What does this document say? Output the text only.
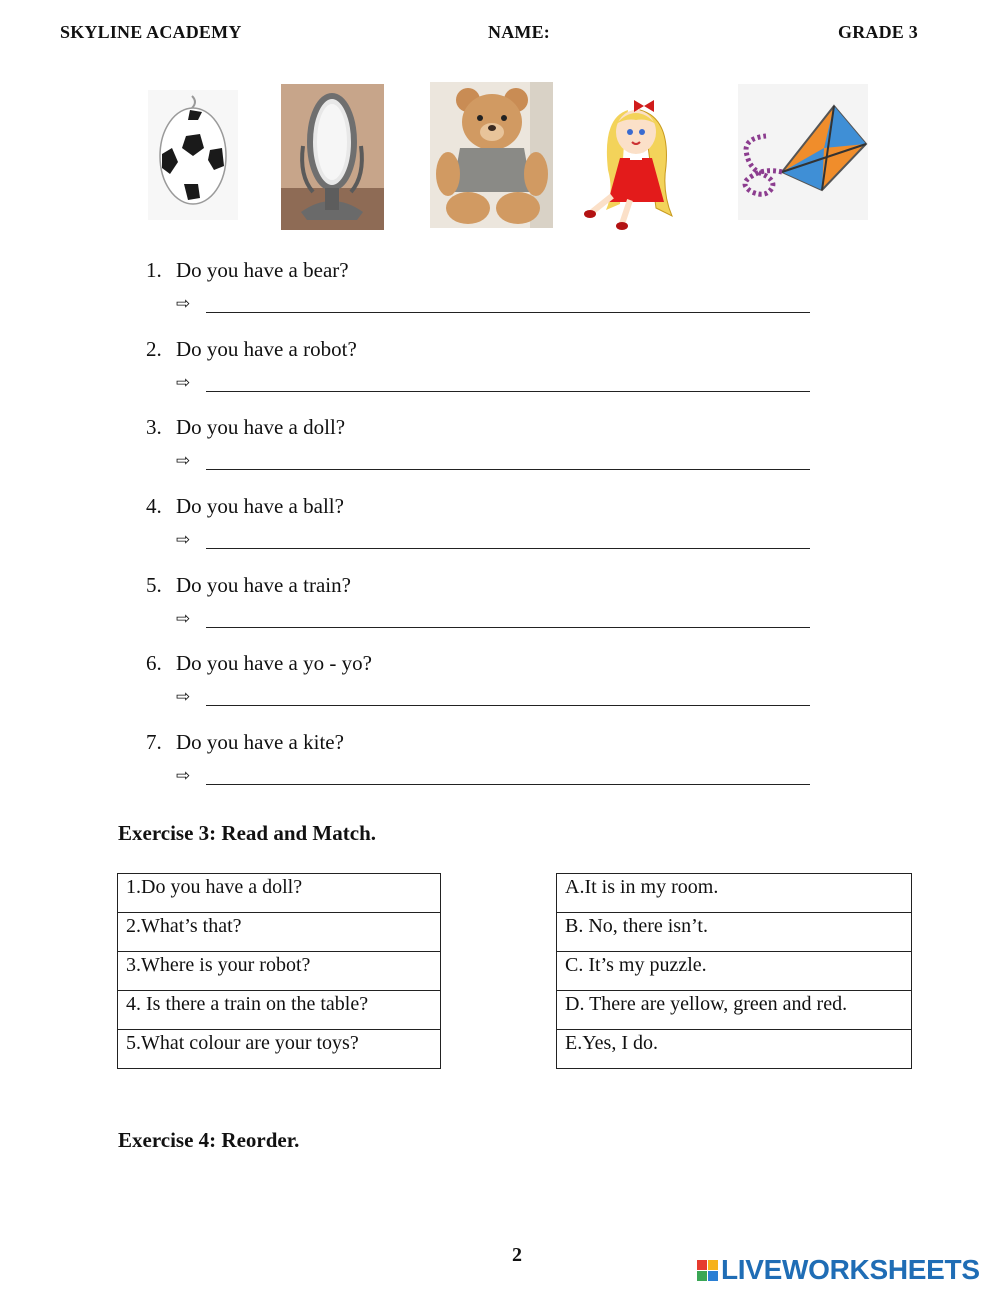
SKYLINE ACADEMY	NAME:	GRADE 3
1. Do you have a bear?
⇨
2. Do you have a robot?
⇨
3. Do you have a doll?
⇨
4. Do you have a ball?
⇨
5. Do you have a train?
⇨
6. Do you have a yo - yo?
⇨
7. Do you have a kite?
⇨
Exercise 3: Read and Match.
1.Do you have a doll?
2.What’s that?
3.Where is your robot?
4. Is there a train on the table?
5.What colour are your toys?
A.It is in my room.
B. No, there isn’t.
C. It’s my puzzle.
D. There are yellow, green and red.
E.Yes, I do.
Exercise 4: Reorder.
2	LIVEWORKSHEETS
